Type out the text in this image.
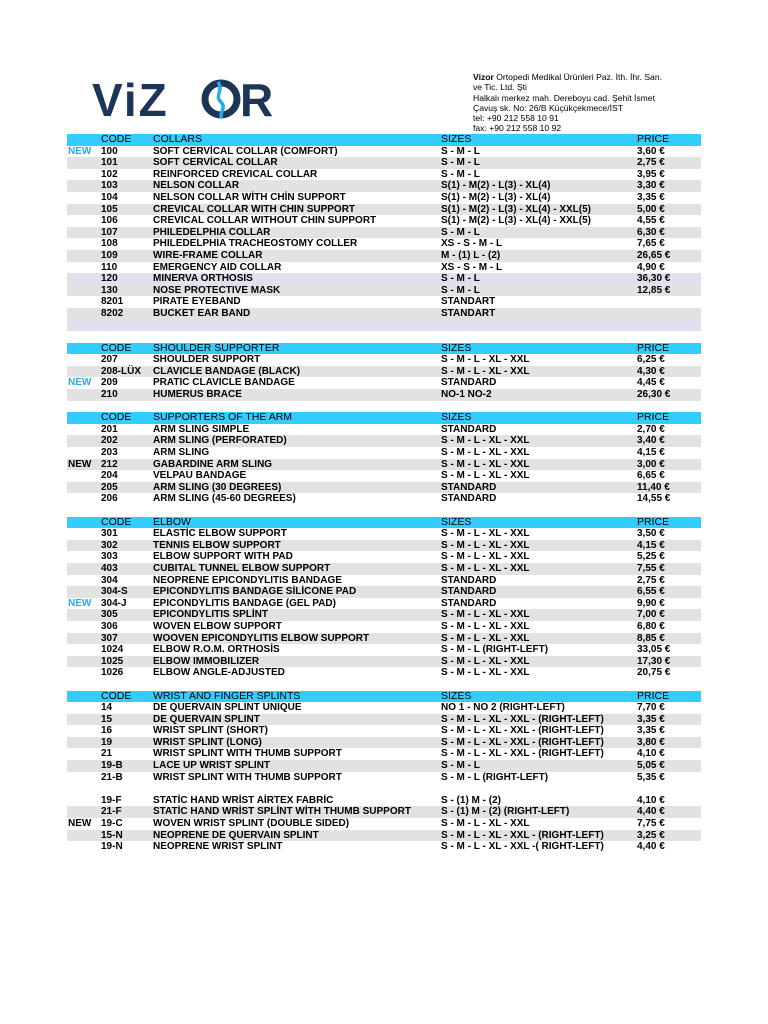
ViZ R	Vizor Ortopedi Medikal Ürünleri Paz. İth. İhr. San.
ve Tic. Ltd. Şti
Halkalı merkez mah. Dereboyu cad. Şehit İsmet
Çavuş sk. No: 26/B Küçükçekmece/İST
tel: +90 212 558 10 91
fax: +90 212 558 10 92
CODE COLLARS	SIZES	PRICE
NEW 100	SOFT CERVİCAL COLLAR (COMFORT)	S - M - L	3,60 €
101	SOFT CERVİCAL COLLAR	S - M - L	2,75 €
102	REINFORCED CREVICAL COLLAR	S - M - L	3,95 €
103	NELSON COLLAR	S(1) - M(2) - L(3) - XL(4)	3,30 €
104	NELSON COLLAR WİTH CHİN SUPPORT	S(1) - M(2) - L(3) - XL(4)	3,35 €
105	CREVICAL COLLAR WITH CHIN SUPPORT	S(1) - M(2) - L(3) - XL(4) - XXL(5)	5,00 €
106	CREVICAL COLLAR WITHOUT CHIN SUPPORT	S(1) - M(2) - L(3) - XL(4) - XXL(5)	4,55 €
107	PHILEDELPHIA COLLAR	S - M - L	6,30 €
108	PHILEDELPHIA TRACHEOSTOMY COLLER	XS - S - M - L	7,65 €
109	WIRE-FRAME COLLAR	M - (1) L - (2)	26,65 €
110	EMERGENCY AID COLLAR	XS - S - M - L	4,90 €
120	MINERVA ORTHOSIS	S - M - L	36,30 €
130	NOSE PROTECTIVE MASK	S - M - L	12,85 €
8201	PIRATE EYEBAND	STANDART
8202	BUCKET EAR BAND	STANDART
CODE SHOULDER SUPPORTER	SIZES	PRICE
207	SHOULDER SUPPORT	S - M - L - XL - XXL	6,25 €
208-LÜX CLAVICLE BANDAGE (BLACK)	S - M - L - XL - XXL	4,30 €
NEW 209	PRATIC CLAVICLE BANDAGE	STANDARD	4,45 €
210	HUMERUS BRACE	NO-1 NO-2	26,30 €
CODE SUPPORTERS OF THE ARM	SIZES	PRICE
201	ARM SLING SIMPLE	STANDARD	2,70 €
202	ARM SLING (PERFORATED)	S - M - L - XL - XXL	3,40 €
203	ARM SLING	S - M - L - XL - XXL	4,15 €
NEW 212	GABARDINE ARM SLING	S - M - L - XL - XXL	3,00 €
204	VELPAU BANDAGE	S - M - L - XL - XXL	6,65 €
205	ARM SLING (30 DEGREES)	STANDARD	11,40 €
206	ARM SLING (45-60 DEGREES)	STANDARD	14,55 €
CODE ELBOW	SIZES	PRICE
301	ELASTİC ELBOW SUPPORT	S - M - L - XL - XXL	3,50 €
302	TENNIS ELBOW SUPPORT	S - M - L - XL - XXL	4,15 €
303	ELBOW SUPPORT WITH PAD	S - M - L - XL - XXL	5,25 €
403	CUBITAL TUNNEL ELBOW SUPPORT	S - M - L - XL - XXL	7,55 €
304	NEOPRENE EPICONDYLITIS BANDAGE	STANDARD	2,75 €
304-S	EPICONDYLITIS BANDAGE SİLİCONE PAD	STANDARD	6,55 €
NEW 304-J	EPICONDYLITIS BANDAGE (GEL PAD)	STANDARD	9,90 €
305	EPICONDYLITIS SPLİNT	S - M - L - XL - XXL	7,00 €
306	WOVEN ELBOW SUPPORT	S - M - L - XL - XXL	6,80 €
307	WOOVEN EPICONDYLITIS ELBOW SUPPORT	S - M - L - XL - XXL	8,85 €
1024	ELBOW R.O.M. ORTHOSİS	S - M - L (RIGHT-LEFT)	33,05 €
1025	ELBOW IMMOBILIZER	S - M - L - XL - XXL	17,30 €
1026	ELBOW ANGLE-ADJUSTED	S - M - L - XL - XXL	20,75 €
CODE WRIST AND FINGER SPLINTS	SIZES	PRICE
14	DE QUERVAIN SPLINT UNIQUE	NO 1 - NO 2 (RIGHT-LEFT)	7,70 €
15	DE QUERVAIN SPLINT	S - M - L - XL - XXL - (RIGHT-LEFT)	3,35 €
16	WRIST SPLINT (SHORT)	S - M - L - XL - XXL - (RIGHT-LEFT)	3,35 €
19	WRIST SPLINT (LONG)	S - M - L - XL - XXL - (RIGHT-LEFT)	3,80 €
21	WRIST SPLINT WITH THUMB SUPPORT	S - M - L - XL - XXL - (RIGHT-LEFT)	4,10 €
19-B	LACE UP WRIST SPLINT	S - M - L	5,05 €
21-B	WRIST SPLINT WITH THUMB SUPPORT	S - M - L (RIGHT-LEFT)	5,35 €
19-F	STATİC HAND WRİST AİRTEX FABRİC	S - (1) M - (2)	4,10 €
21-F	STATİC HAND WRİST SPLİNT WİTH THUMB SUPPORT	S - (1) M - (2) (RIGHT-LEFT)	4,40 €
NEW 19-C	WOVEN WRIST SPLINT (DOUBLE SIDED)	S - M - L - XL - XXL	7,75 €
15-N	NEOPRENE DE QUERVAIN SPLINT	S - M - L - XL - XXL - (RIGHT-LEFT)	3,25 €
19-N	NEOPRENE WRIST SPLINT	S - M - L - XL - XXL -( RIGHT-LEFT)	4,40 €
